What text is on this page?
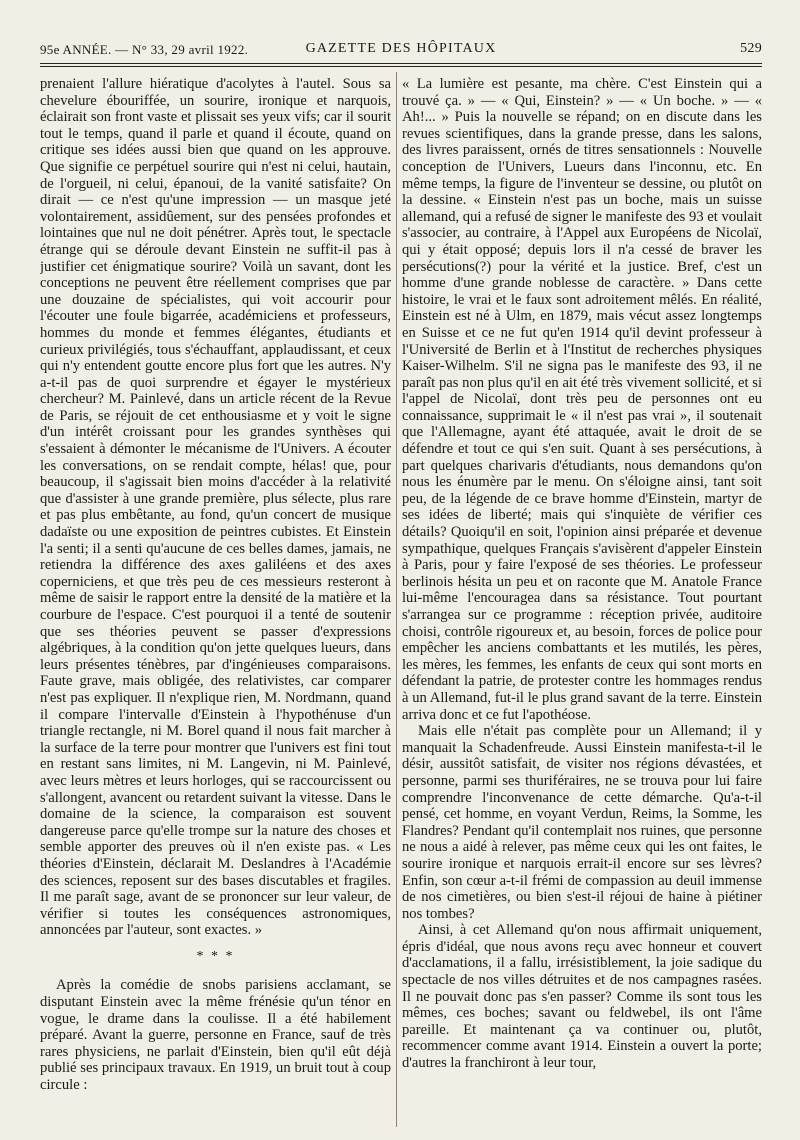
95e ANNÉE. — N° 33, 29 avril 1922.	GAZETTE DES HÔPITAUX	529

prenaient l'allure hiératique d'acolytes à l'autel. Sous sa chevelure ébouriffée, un sourire, ironique et narquois, éclairait son front vaste et plissait ses yeux vifs; car il sourit tout le temps, quand il parle et quand il écoute, quand on critique ses idées aussi bien que quand on les approuve. Que signifie ce perpétuel sourire qui n'est ni celui, hautain, de l'orgueil, ni celui, épanoui, de la vanité satisfaite? On dirait — ce n'est qu'une impression — un masque jeté volontairement, assidûement, sur des pensées profondes et lointaines que nul ne doit pénétrer. Après tout, le spectacle étrange qui se déroule devant Einstein ne suffit-il pas à justifier cet énigmatique sourire? Voilà un savant, dont les conceptions ne peuvent être réellement comprises que par une douzaine de spécialistes, qui voit accourir pour l'écouter une foule bigarrée, académiciens et professeurs, hommes du monde et femmes élégantes, étudiants et curieux privilégiés, tous s'échauffant, applaudissant, et ceux qui n'y entendent goutte encore plus fort que les autres. N'y a-t-il pas de quoi surprendre et égayer le mystérieux chercheur? M. Painlevé, dans un article récent de la Revue de Paris, se réjouit de cet enthousiasme et y voit le signe d'un intérêt croissant pour les grandes synthèses qui s'essaient à démonter le mécanisme de l'Univers. A écouter les conversations, on se rendait compte, hélas! que, pour beaucoup, il s'agissait bien moins d'accéder à la relativité que d'assister à une grande première, plus sélecte, plus rare et pas plus embêtante, au fond, qu'un concert de musique dadaïste ou une exposition de peintres cubistes. Et Einstein l'a senti; il a senti qu'aucune de ces belles dames, jamais, ne retiendra la différence des axes galiléens et des axes coperniciens, et que très peu de ces messieurs resteront à même de saisir le rapport entre la densité de la matière et la courbure de l'espace. C'est pourquoi il a tenté de soutenir que ses théories peuvent se passer d'expressions algébriques, à la condition qu'on jette quelques lueurs, dans leurs présentes ténèbres, par d'ingénieuses comparaisons. Faute grave, mais obligée, des relativistes, car comparer n'est pas expliquer. Il n'explique rien, M. Nordmann, quand il compare l'intervalle d'Einstein à l'hypothénuse d'un triangle rectangle, ni M. Borel quand il nous fait marcher à la surface de la terre pour montrer que l'univers est fini tout en restant sans limites, ni M. Langevin, ni M. Painlevé, avec leurs mètres et leurs horloges, qui se raccourcissent ou s'allongent, avancent ou retardent suivant la vitesse. Dans le domaine de la science, la comparaison est souvent dangereuse parce qu'elle trompe sur la nature des choses et semble apporter des preuves où il n'en existe pas. « Les théories d'Einstein, déclarait M. Deslandres à l'Académie des sciences, reposent sur des bases discutables et fragiles. Il me paraît sage, avant de se prononcer sur leur valeur, de vérifier si toutes les conséquences astronomiques, annoncées par l'auteur, sont exactes. »

* * *

Après la comédie de snobs parisiens acclamant, se disputant Einstein avec la même frénésie qu'un ténor en vogue, le drame dans la coulisse. Il a été habilement préparé. Avant la guerre, personne en France, sauf de très rares physiciens, ne parlait d'Einstein, bien qu'il eût déjà publié ses principaux travaux. En 1919, un bruit tout à coup circule :

« La lumière est pesante, ma chère. C'est Einstein qui a trouvé ça. » — « Qui, Einstein? » — « Un boche. » — « Ah!... » Puis la nouvelle se répand; on en discute dans les revues scientifiques, dans la grande presse, dans les salons, des livres paraissent, ornés de titres sensationnels : Nouvelle conception de l'Univers, Lueurs dans l'inconnu, etc. En même temps, la figure de l'inventeur se dessine, ou plutôt on la dessine. « Einstein n'est pas un boche, mais un suisse allemand, qui a refusé de signer le manifeste des 93 et voulait s'associer, au contraire, à l'Appel aux Européens de Nicolaï, qui y était opposé; depuis lors il n'a cessé de braver les persécutions(?) pour la vérité et la justice. Bref, c'est un homme d'une grande noblesse de caractère. » Dans cette histoire, le vrai et le faux sont adroitement mêlés. En réalité, Einstein est né à Ulm, en 1879, mais vécut assez longtemps en Suisse et ce ne fut qu'en 1914 qu'il devint professeur à l'Université de Berlin et à l'Institut de recherches physiques Kaiser-Wilhelm. S'il ne signa pas le manifeste des 93, il ne paraît pas non plus qu'il en ait été très vivement sollicité, et si l'appel de Nicolaï, dont très peu de personnes ont eu connaissance, supprimait le « il n'est pas vrai », il soutenait que l'Allemagne, ayant été attaquée, avait le droit de se défendre et tout ce qui s'en suit. Quant à ses persécutions, à part quelques charivaris d'étudiants, nous demandons qu'on nous les énumère par le menu. On s'éloigne ainsi, tant soit peu, de la légende de ce brave homme d'Einstein, martyr de ses idées de liberté; mais qui s'inquiète de vérifier ces détails? Quoiqu'il en soit, l'opinion ainsi préparée et devenue sympathique, quelques Français s'avisèrent d'appeler Einstein à Paris, pour y faire l'exposé de ses théories. Le professeur berlinois hésita un peu et on raconte que M. Anatole France lui-même l'encouragea dans sa résistance. Tout pourtant s'arrangea sur ce programme : réception privée, auditoire choisi, contrôle rigoureux et, au besoin, forces de police pour empêcher les anciens combattants et les mutilés, les pères, les mères, les femmes, les enfants de ceux qui sont morts en défendant la patrie, de protester contre les hommages rendus à un Allemand, fut-il le plus grand savant de la terre. Einstein arriva donc et ce fut l'apothéose.

Mais elle n'était pas complète pour un Allemand; il y manquait la Schadenfreude. Aussi Einstein manifesta-t-il le désir, aussitôt satisfait, de visiter nos régions dévastées, et personne, parmi ses thuriféraires, ne se trouva pour lui faire comprendre l'inconvenance de cette démarche. Qu'a-t-il pensé, cet homme, en voyant Verdun, Reims, la Somme, les Flandres? Pendant qu'il contemplait nos ruines, que personne ne nous a aidé à relever, pas même ceux qui les ont faites, le sourire ironique et narquois errait-il encore sur ses lèvres? Enfin, son cœur a-t-il frémi de compassion au deuil immense de nos cimetières, ou bien s'est-il réjoui de haine à piétiner nos tombes?

Ainsi, à cet Allemand qu'on nous affirmait uniquement, épris d'idéal, que nous avons reçu avec honneur et couvert d'acclamations, il a fallu, irrésistiblement, la joie sadique du spectacle de nos villes détruites et de nos campagnes rasées. Il ne pouvait donc pas s'en passer? Comme ils sont tous les mêmes, ces boches; savant ou feldwebel, ils ont l'âme pareille. Et maintenant ça va continuer ou, plutôt, recommencer comme avant 1914. Einstein a ouvert la porte; d'autres la franchiront à leur tour,
